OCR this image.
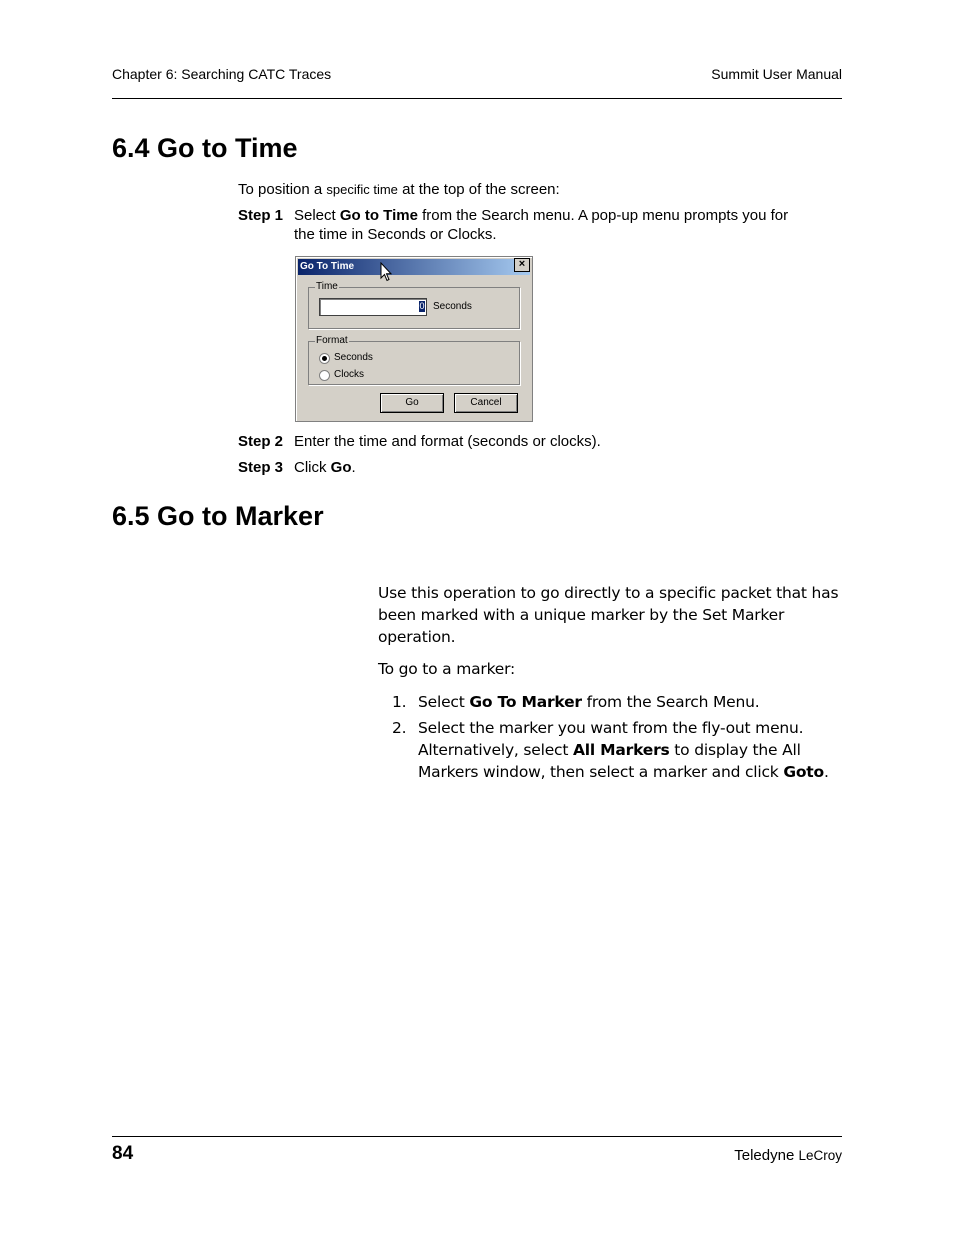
Chapter 6: Searching CATC Traces	Summit User Manual
6.4 Go to Time
To position a specific time at the top of the screen:
Step 1 Select Go to Time from the Search menu. A pop-up menu prompts you for the time in Seconds or Clocks.
Go To Time	×
Time
0 Seconds
Format
Seconds
Clocks
Go	Cancel
Step 2 Enter the time and format (seconds or clocks).
Step 3 Click Go.
6.5 Go to Marker
Use this operation to go directly to a specific packet that has been marked with a unique marker by the Set Marker operation.
To go to a marker:
1. Select Go To Marker from the Search Menu.
2. Select the marker you want from the fly-out menu. Alternatively, select All Markers to display the All Markers window, then select a marker and click Goto.
84	Teledyne LeCroy
